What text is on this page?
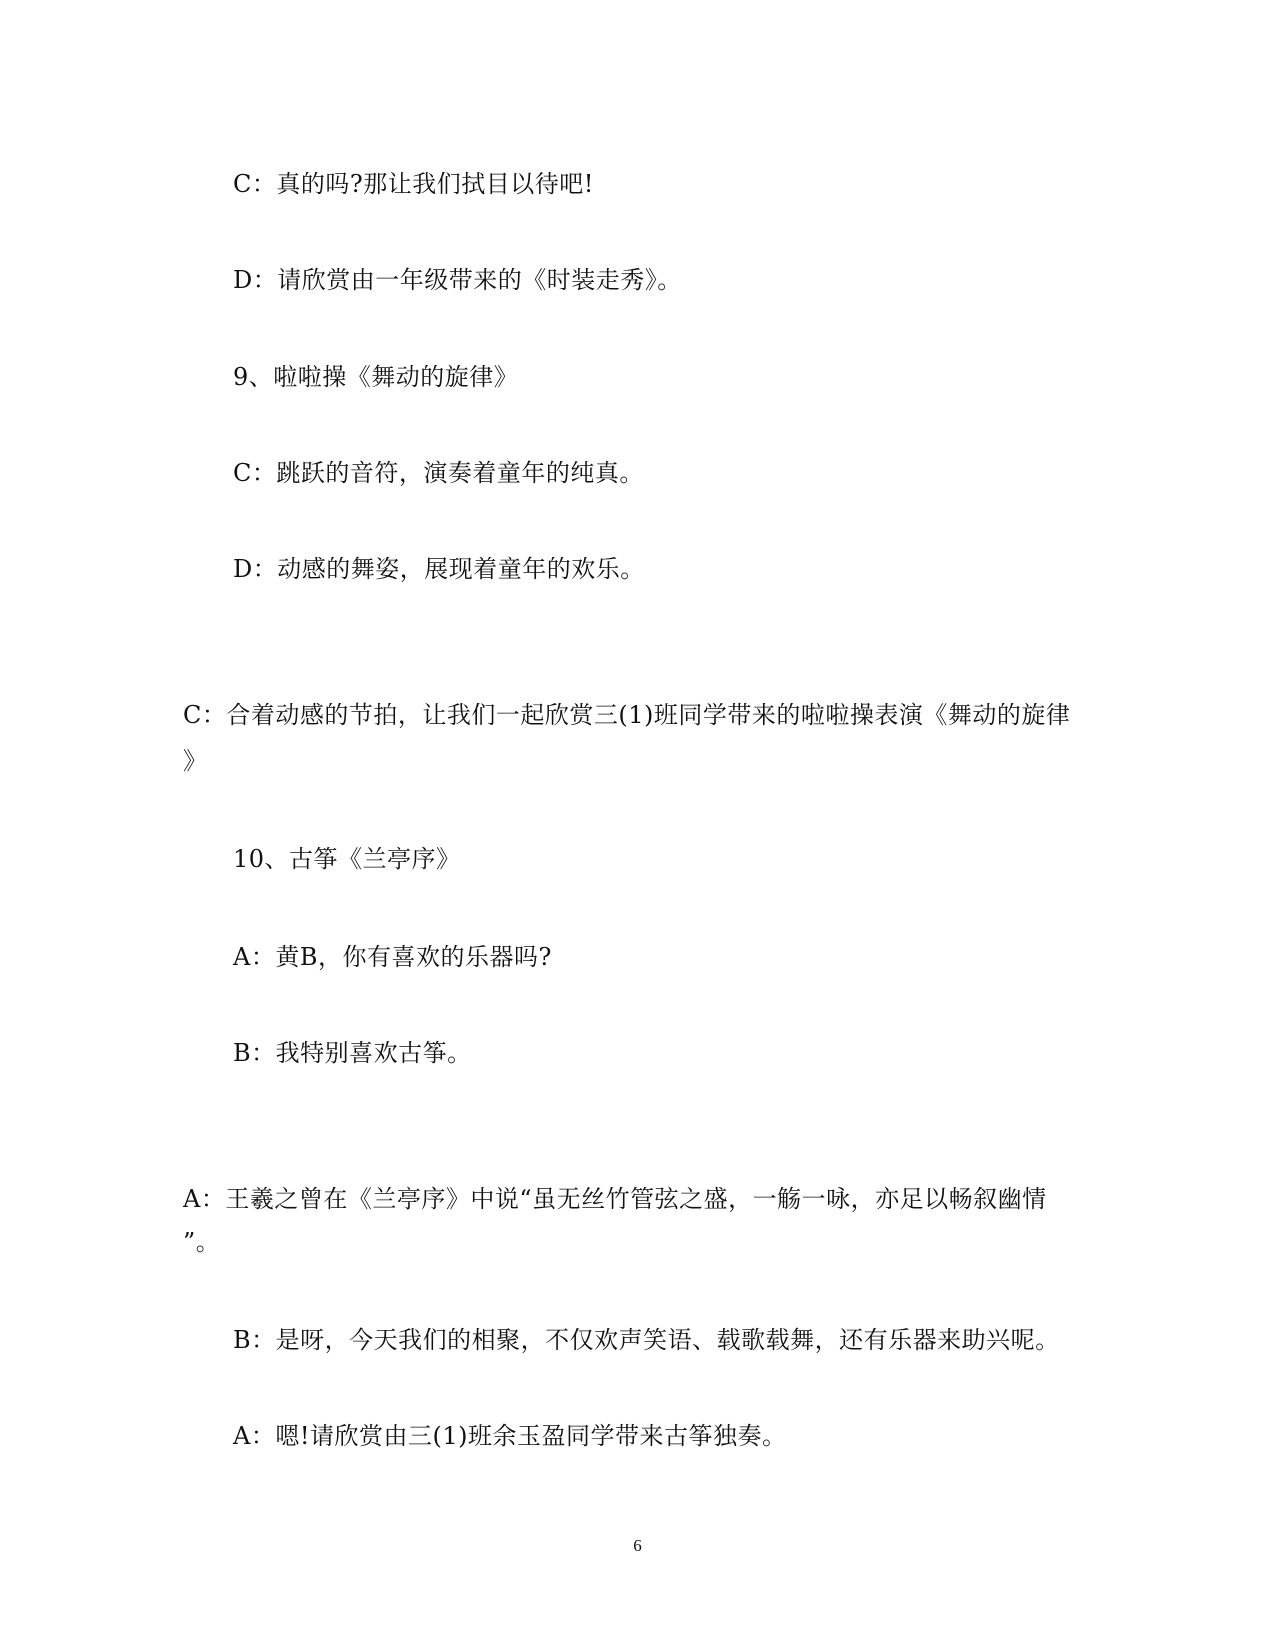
C：真的吗?那让我们拭目以待吧!
D：请欣赏由一年级带来的《时装走秀》。
9、啦啦操《舞动的旋律》
C：跳跃的音符，演奏着童年的纯真。
D：动感的舞姿，展现着童年的欢乐。
C：合着动感的节拍，让我们一起欣赏三(1)班同学带来的啦啦操表演《舞动的旋律
》
10、古筝《兰亭序》
A：黄B，你有喜欢的乐器吗?
B：我特别喜欢古筝。
A：王羲之曾在《兰亭序》中说“虽无丝竹管弦之盛，一觞一咏，亦足以畅叙幽情
”。
B：是呀，今天我们的相聚，不仅欢声笑语、载歌载舞，还有乐器来助兴呢。
A：嗯!请欣赏由三(1)班余玉盈同学带来古筝独奏。
6
